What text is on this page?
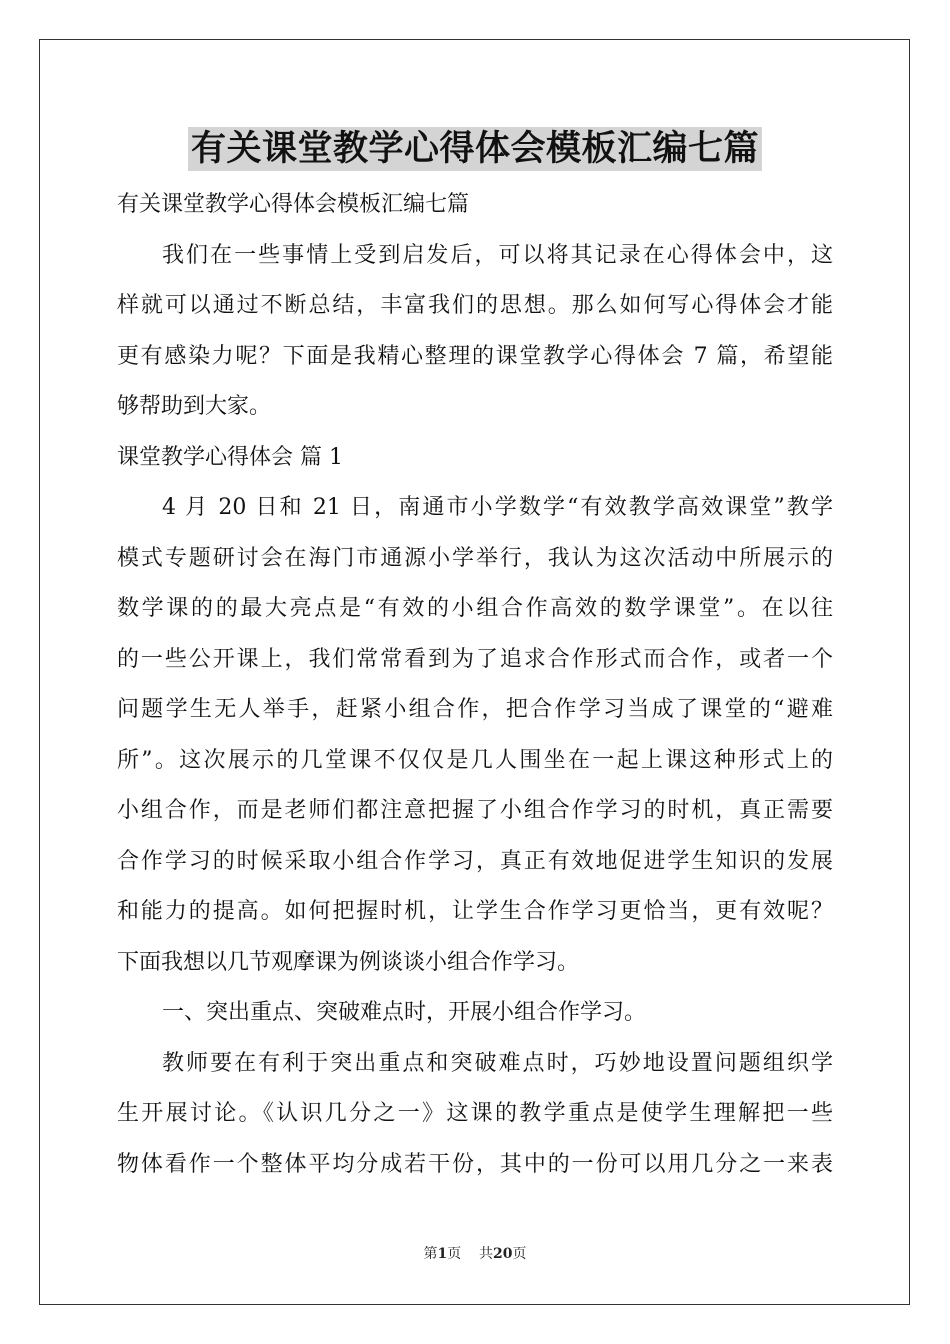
有关课堂教学心得体会模板汇编七篇
有关课堂教学心得体会模板汇编七篇
我们在一些事情上受到启发后，可以将其记录在心得体会中，这
样就可以通过不断总结，丰富我们的思想。那么如何写心得体会才能
更有感染力呢？下面是我精心整理的课堂教学心得体会 7 篇，希望能
够帮助到大家。
课堂教学心得体会 篇 1
4 月 20 日和 21 日，南通市小学数学“有效教学高效课堂”教学
模式专题研讨会在海门市通源小学举行，我认为这次活动中所展示的
数学课的的最大亮点是“有效的小组合作高效的数学课堂”。在以往
的一些公开课上，我们常常看到为了追求合作形式而合作，或者一个
问题学生无人举手，赶紧小组合作，把合作学习当成了课堂的“避难
所”。这次展示的几堂课不仅仅是几人围坐在一起上课这种形式上的
小组合作，而是老师们都注意把握了小组合作学习的时机，真正需要
合作学习的时候采取小组合作学习，真正有效地促进学生知识的发展
和能力的提高。如何把握时机，让学生合作学习更恰当，更有效呢？
下面我想以几节观摩课为例谈谈小组合作学习。
一、突出重点、突破难点时，开展小组合作学习。
教师要在有利于突出重点和突破难点时，巧妙地设置问题组织学
生开展讨论。《认识几分之一》这课的教学重点是使学生理解把一些
物体看作一个整体平均分成若干份，其中的一份可以用几分之一来表
第1页    共20页
